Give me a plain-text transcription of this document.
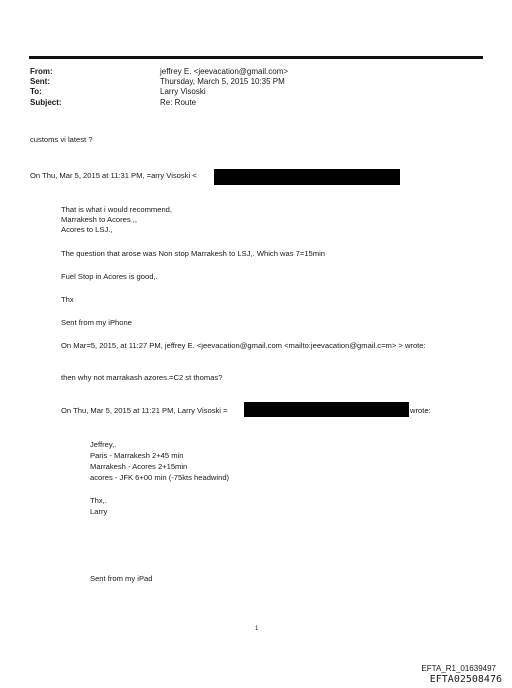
From:	jeffrey E. <jeevacation@gmail.com>
Sent:	Thursday, March 5, 2015 10:35 PM
To:	Larry Visoski
Subject:	Re: Route
customs vi latest ?
On Thu, Mar 5, 2015 at 11:31 PM, =arry Visoski <
That is what i would recommend,
Marrakesh to Acores ,,
Acores to LSJ.,
The question that arose was Non stop Marrakesh to LSJ,. Which was 7=15min
Fuel Stop in Acores is good,.
Thx
Sent from my iPhone
On Mar=5, 2015, at 11:27 PM, jeffrey E. <jeevacation@gmail.com <mailto:jeevacation@gmail.c=m> > wrote:
then why not marrakash azores.=C2 st thomas?
On Thu, Mar 5, 2015 at 11:21 PM, Larry Visoski =	wrote:
Jeffrey,.
Paris - Marrakesh 2+45 min
Marrakesh - Acores 2+15min
acores - JFK 6+00 min (-75kts headwind)
Thx,.
Larry
Sent from my iPad
1
EFTA_R1_01639497
EFTA02508476
